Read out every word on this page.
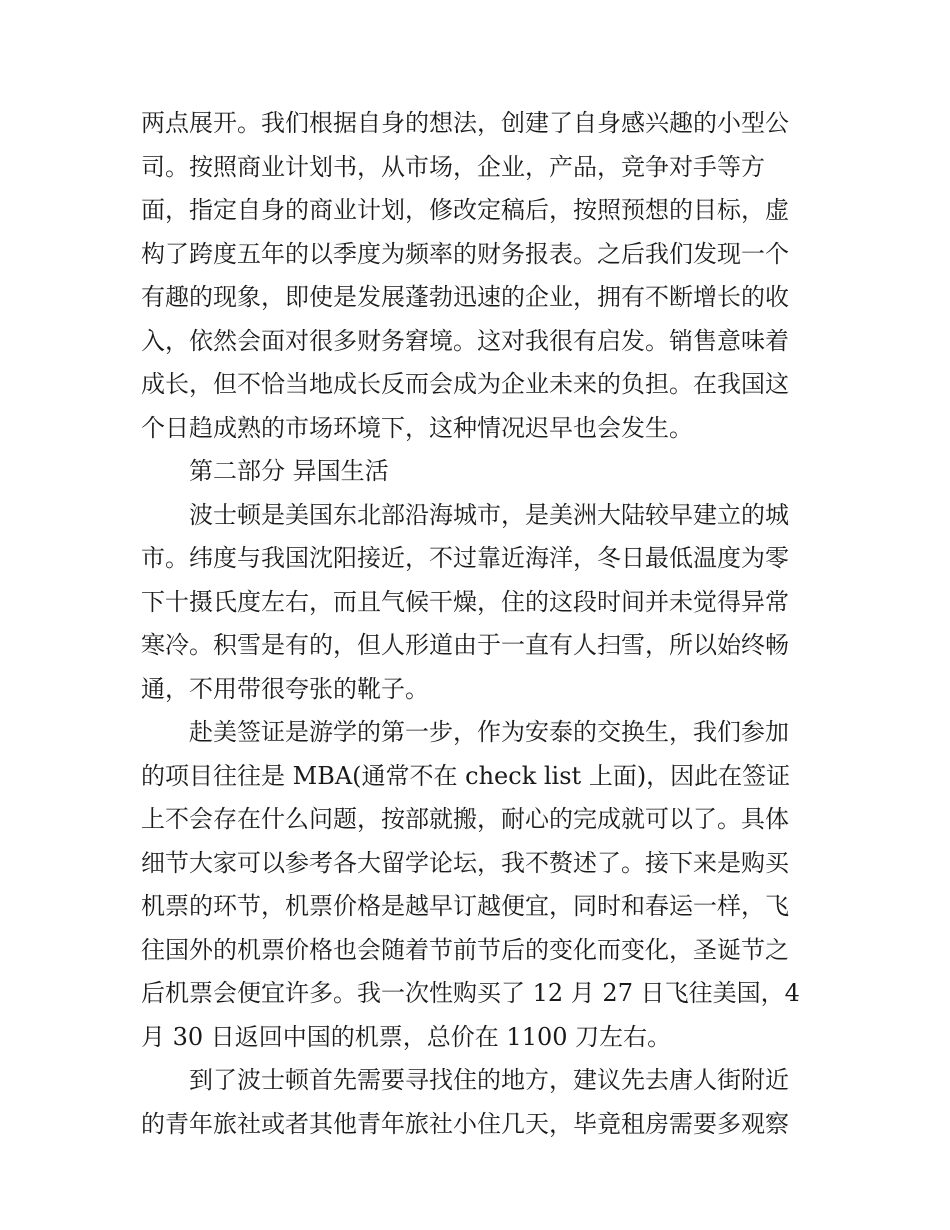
两点展开。我们根据自身的想法，创建了自身感兴趣的小型公
司。按照商业计划书，从市场，企业，产品，竞争对手等方
面，指定自身的商业计划，修改定稿后，按照预想的目标，虚
构了跨度五年的以季度为频率的财务报表。之后我们发现一个
有趣的现象，即使是发展蓬勃迅速的企业，拥有不断增长的收
入，依然会面对很多财务窘境。这对我很有启发。销售意味着
成长，但不恰当地成长反而会成为企业未来的负担。在我国这
个日趋成熟的市场环境下，这种情况迟早也会发生。
第二部分 异国生活
波士顿是美国东北部沿海城市，是美洲大陆较早建立的城
市。纬度与我国沈阳接近，不过靠近海洋，冬日最低温度为零
下十摄氏度左右，而且气候干燥，住的这段时间并未觉得异常
寒冷。积雪是有的，但人形道由于一直有人扫雪，所以始终畅
通，不用带很夸张的靴子。
赴美签证是游学的第一步，作为安泰的交换生，我们参加
的项目往往是 MBA(通常不在 check list 上面)，因此在签证
上不会存在什么问题，按部就搬，耐心的完成就可以了。具体
细节大家可以参考各大留学论坛，我不赘述了。接下来是购买
机票的环节，机票价格是越早订越便宜，同时和春运一样，飞
往国外的机票价格也会随着节前节后的变化而变化，圣诞节之
后机票会便宜许多。我一次性购买了 12 月 27 日飞往美国，4
月 30 日返回中国的机票，总价在 1100 刀左右。
到了波士顿首先需要寻找住的地方，建议先去唐人街附近
的青年旅社或者其他青年旅社小住几天，毕竟租房需要多观察
